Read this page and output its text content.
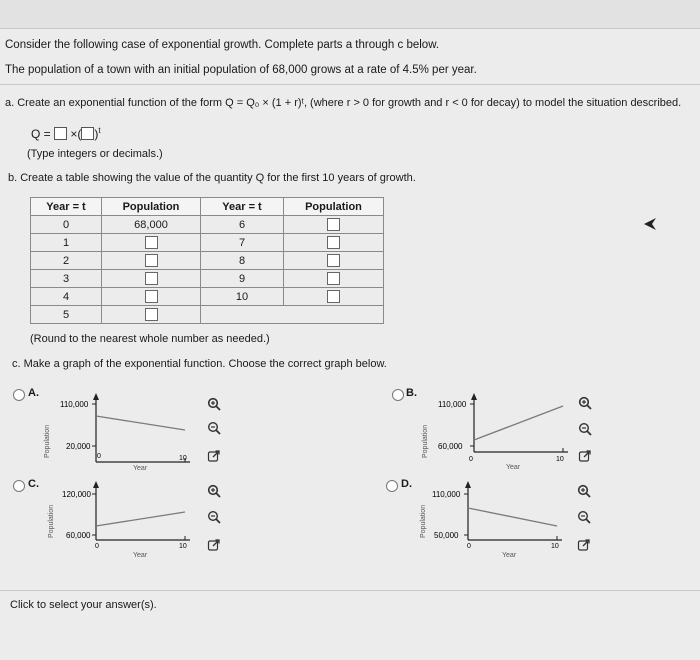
Consider the following case of exponential growth. Complete parts a through c below.
The population of a town with an initial population of 68,000 grows at a rate of 4.5% per year.
a. Create an exponential function of the form Q = Q₀ × (1 + r)ᵗ, (where r > 0 for growth and r < 0 for decay) to model the situation described.
Q = ×( )$^t$
(Type integers or decimals.)
b. Create a table showing the value of the quantity Q for the first 10 years of growth.
Year = t	Population	Year = t	Population
0	68,000	6	
1		7	
2		8	
3		9	
4		10	
5			
(Round to the nearest whole number as needed.)
c. Make a graph of the exponential function. Choose the correct graph below.
A.
110,000
20,000
0	10
Year
Population
B.
110,000
60,000
0	10
Year
Population
C.
120,000
60,000
0	10
Year
Population
D.
110,000
50,000
0	10
Year
Population
Click to select your answer(s).
